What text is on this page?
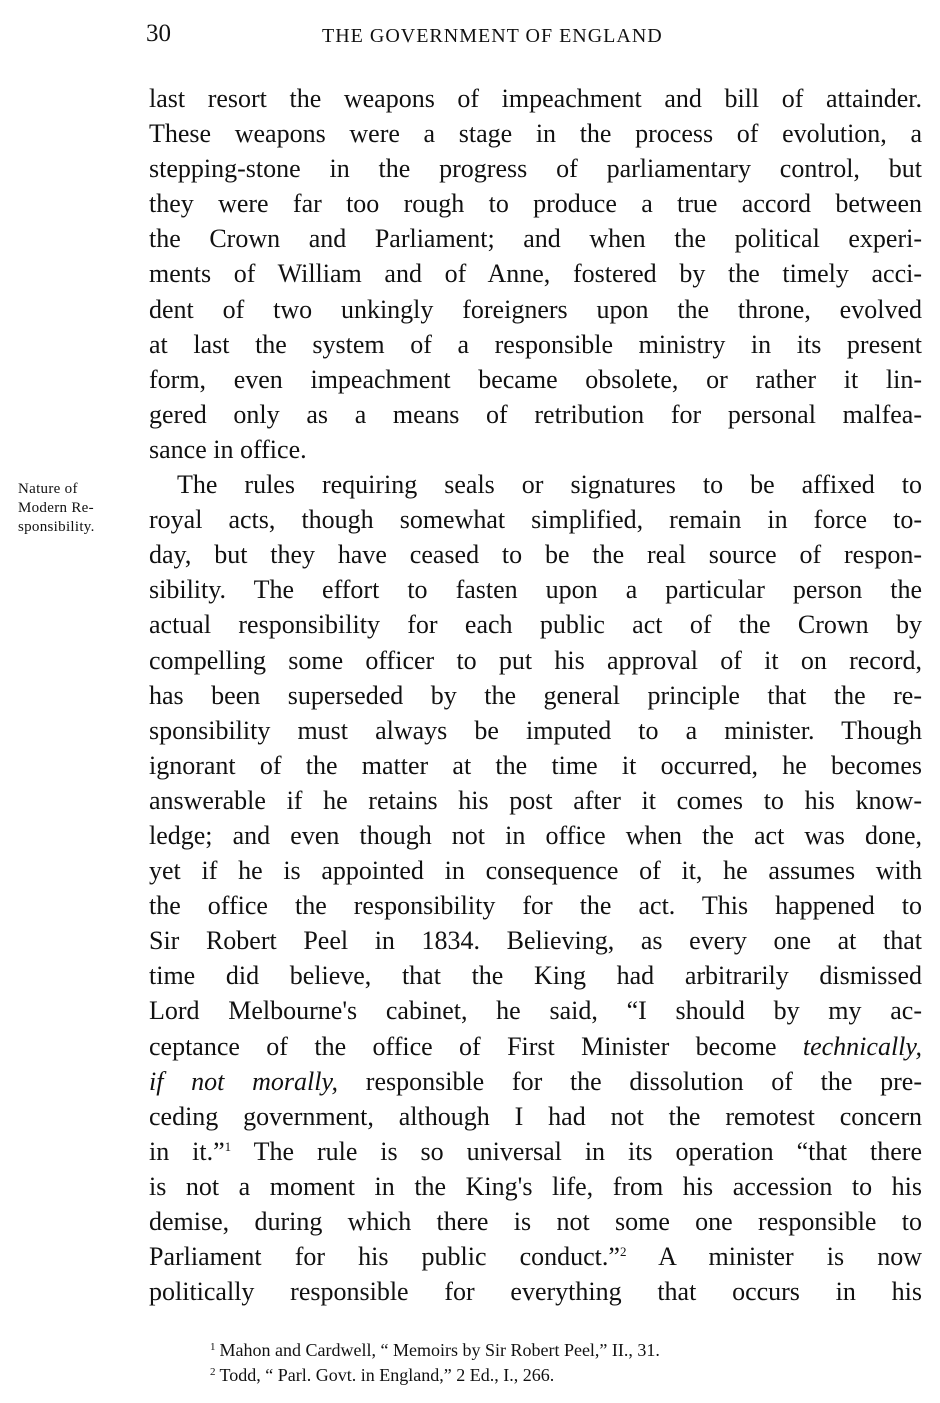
30	THE GOVERNMENT OF ENGLAND
Nature of
Modern Re-
sponsibility.
last resort the weapons of impeachment and bill of attainder.
These weapons were a stage in the process of evolution, a
stepping-stone in the progress of parliamentary control, but
they were far too rough to produce a true accord between
the Crown and Parliament; and when the political experi-
ments of William and of Anne, fostered by the timely acci-
dent of two unkingly foreigners upon the throne, evolved
at last the system of a responsible ministry in its present
form, even impeachment became obsolete, or rather it lin-
gered only as a means of retribution for personal malfea-
sance in office.
The rules requiring seals or signatures to be affixed to
royal acts, though somewhat simplified, remain in force to-
day, but they have ceased to be the real source of respon-
sibility. The effort to fasten upon a particular person the
actual responsibility for each public act of the Crown by
compelling some officer to put his approval of it on record,
has been superseded by the general principle that the re-
sponsibility must always be imputed to a minister. Though
ignorant of the matter at the time it occurred, he becomes
answerable if he retains his post after it comes to his know-
ledge; and even though not in office when the act was done,
yet if he is appointed in consequence of it, he assumes with
the office the responsibility for the act. This happened to
Sir Robert Peel in 1834. Believing, as every one at that
time did believe, that the King had arbitrarily dismissed
Lord Melbourne's cabinet, he said, “I should by my ac-
ceptance of the office of First Minister become technically,
if not morally, responsible for the dissolution of the pre-
ceding government, although I had not the remotest concern
in it.”$^1$ The rule is so universal in its operation “that there
is not a moment in the King's life, from his accession to his
demise, during which there is not some one responsible to
Parliament for his public conduct.”$^2$ A minister is now
politically responsible for everything that occurs in his
$^1$ Mahon and Cardwell, “ Memoirs by Sir Robert Peel,” II., 31.
$^2$ Todd, “ Parl. Govt. in England,” 2 Ed., I., 266.
